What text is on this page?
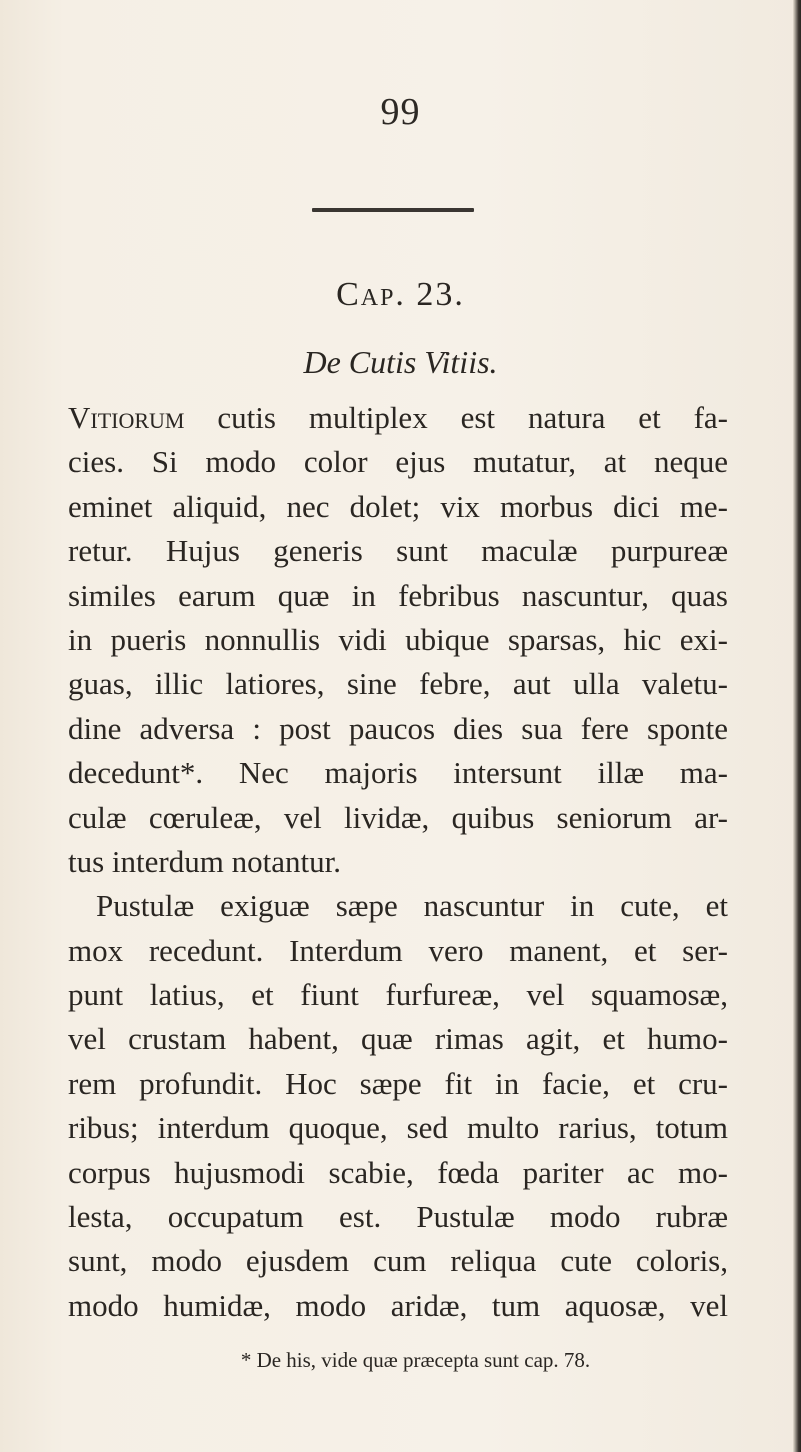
99
Cap. 23.
De Cutis Vitiis.
Vitiorum cutis multiplex est natura et fa-
cies. Si modo color ejus mutatur, at neque
eminet aliquid, nec dolet; vix morbus dici me-
retur. Hujus generis sunt maculæ purpureæ
similes earum quæ in febribus nascuntur, quas
in pueris nonnullis vidi ubique sparsas, hic exi-
guas, illic latiores, sine febre, aut ulla valetu-
dine adversa : post paucos dies sua fere sponte
decedunt*. Nec majoris intersunt illæ ma-
culæ cœruleæ, vel lividæ, quibus seniorum ar-
tus interdum notantur.
Pustulæ exiguæ sæpe nascuntur in cute, et
mox recedunt. Interdum vero manent, et ser-
punt latius, et fiunt furfureæ, vel squamosæ,
vel crustam habent, quæ rimas agit, et humo-
rem profundit. Hoc sæpe fit in facie, et cru-
ribus; interdum quoque, sed multo rarius, totum
corpus hujusmodi scabie, fœda pariter ac mo-
lesta, occupatum est. Pustulæ modo rubræ
sunt, modo ejusdem cum reliqua cute coloris,
modo humidæ, modo aridæ, tum aquosæ, vel
* De his, vide quæ præcepta sunt cap. 78.
